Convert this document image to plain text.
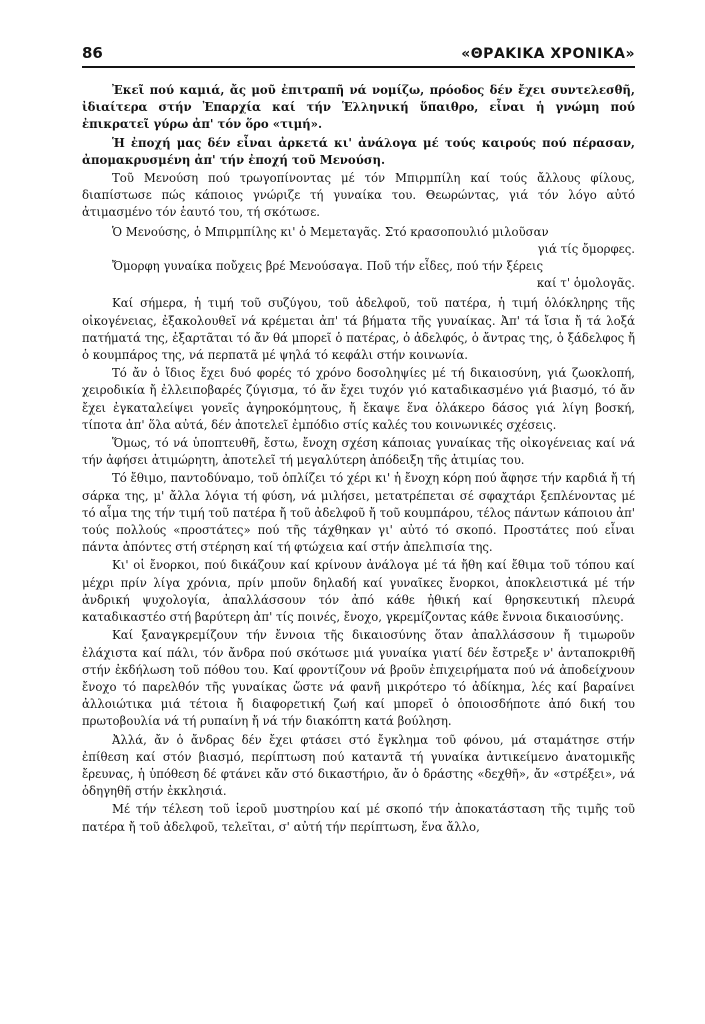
86	«ΘΡΑΚΙΚΑ ΧΡΟΝΙΚΑ»

Ἐκεῖ πού καμιά, ἄς μοῦ ἐπιτραπῆ νά νομίζω, πρόοδος δέν ἔχει συντελεσθῆ, ἰδιαίτερα στήν Ἐπαρχία καί τήν Ἑλληνική ὕπαιθρο, εἶναι ἡ γνώμη πού ἐπικρατεῖ γύρω ἀπ' τόν ὅρο «τιμή».

Ἡ ἐποχή μας δέν εἶναι ἀρκετά κι' ἀνάλογα μέ τούς καιρούς πού πέρασαν, ἀπομακρυσμένη ἀπ' τήν ἐποχή τοῦ Μενούση.

Τοῦ Μενούση πού τρωγοπίνοντας μέ τόν Μπιρμπίλη καί τούς ἄλλους φίλους, διαπίστωσε πώς κάποιος γνώριζε τή γυναίκα του. Θεωρώντας, γιά τόν λόγο αὐτό ἀτιμασμένο τόν ἑαυτό του, τή σκότωσε.

Ὁ Μενούσης, ὁ Μπιρμπίλης κι' ὁ Μεμεταγᾶς. Στό κρασοπουλιό μιλοῦσαν
γιά τίς ὄμορφες.
Ὄμορφη γυναίκα ποὔχεις βρέ Μενούσαγα. Ποῦ τήν εἶδες, πού τήν ξέρεις
καί τ' ὁμολογᾶς.

Καί σήμερα, ἡ τιμή τοῦ συζύγου, τοῦ ἀδελφοῦ, τοῦ πατέρα, ἡ τιμή ὁλόκληρης τῆς οἰκογένειας, ἐξακολουθεῖ νά κρέμεται ἀπ' τά βήματα τῆς γυναίκας. Ἀπ' τά ἴσια ἤ τά λοξά πατήματά της, ἐξαρτᾶται τό ἄν θά μπορεῖ ὁ πατέρας, ὁ ἀδελφός, ὁ ἄντρας της, ὁ ξάδελφος ἤ ὁ κουμπάρος της, νά περπατᾶ μέ ψηλά τό κεφάλι στήν κοινωνία.

Τό ἄν ὁ ἴδιος ἔχει δυό φορές τό χρόνο δοσοληψίες μέ τή δικαιοσύνη, γιά ζωοκλοπή, χειροδικία ἤ ἐλλειποβαρές ζύγισμα, τό ἄν ἔχει τυχόν γιό καταδικασμένο γιά βιασμό, τό ἄν ἔχει ἐγκαταλείψει γονεῖς ἀγηροκόμητους, ἤ ἔκαψε ἕνα ὁλάκερο δάσος γιά λίγη βοσκή, τίποτα ἀπ' ὅλα αὐτά, δέν ἀποτελεῖ ἐμπόδιο στίς καλές του κοινωνικές σχέσεις.

Ὅμως, τό νά ὑποπτευθῆ, ἔστω, ἔνοχη σχέση κάποιας γυναίκας τῆς οἰκογένειας καί νά τήν ἀφήσει ἀτιμώρητη, ἀποτελεῖ τή μεγαλύτερη ἀπόδειξη τῆς ἀτιμίας του.

Τό ἔθιμο, παντοδύναμο, τοῦ ὁπλίζει τό χέρι κι' ἡ ἔνοχη κόρη πού ἄφησε τήν καρδιά ἤ τή σάρκα της, μ' ἄλλα λόγια τή φύση, νά μιλήσει, μετατρέπεται σέ σφαχτάρι ξεπλένοντας μέ τό αἷμα της τήν τιμή τοῦ πατέρα ἤ τοῦ ἀδελφοῦ ἤ τοῦ κουμπάρου, τέλος πάντων κάποιου ἀπ' τούς πολλούς «προστάτες» πού τῆς τάχθηκαν γι' αὐτό τό σκοπό. Προστάτες πού εἶναι πάντα ἀπόντες στή στέρηση καί τή φτώχεια καί στήν ἀπελπισία της.

Κι' οἱ ἔνορκοι, πού δικάζουν καί κρίνουν ἀνάλογα μέ τά ἤθη καί ἔθιμα τοῦ τόπου καί μέχρι πρίν λίγα χρόνια, πρίν μποῦν δηλαδή καί γυναῖκες ἔνορκοι, ἀποκλειστικά μέ τήν ἀνδρική ψυχολογία, ἀπαλλάσσουν τόν ἀπό κάθε ἠθική καί θρησκευτική πλευρά καταδικαστέο στή βαρύτερη ἀπ' τίς ποινές, ἔνοχο, γκρεμίζοντας κάθε ἔννοια δικαιοσύνης.

Καί ξαναγκρεμίζουν τήν ἔννοια τῆς δικαιοσύνης ὅταν ἀπαλλάσσουν ἤ τιμωροῦν ἐλάχιστα καί πάλι, τόν ἄνδρα πού σκότωσε μιά γυναίκα γιατί δέν ἔστρεξε ν' ἀνταποκριθῆ στήν ἐκδήλωση τοῦ πόθου του. Καί φροντίζουν νά βροῦν ἐπιχειρήματα πού νά ἀποδείχνουν ἔνοχο τό παρελθόν τῆς γυναίκας ὥστε νά φανῆ μικρότερο τό ἀδίκημα, λές καί βαραίνει ἀλλοιώτικα μιά τέτοια ἤ διαφορετική ζωή καί μπορεῖ ὁ ὁποιοσδήποτε ἀπό δική του πρωτοβουλία νά τή ρυπαίνη ἤ νά τήν διακόπτη κατά βούληση.

Ἀλλά, ἄν ὁ ἄνδρας δέν ἔχει φτάσει στό ἔγκλημα τοῦ φόνου, μά σταμάτησε στήν ἐπίθεση καί στόν βιασμό, περίπτωση πού καταντᾶ τή γυναίκα ἀντικείμενο ἀνατομικῆς ἔρευνας, ἡ ὑπόθεση δέ φτάνει κἄν στό δικαστήριο, ἄν ὁ δράστης «δεχθῆ», ἄν «στρέξει», νά ὁδηγηθῆ στήν ἐκκλησιά.

Μέ τήν τέλεση τοῦ ἱεροῦ μυστηρίου καί μέ σκοπό τήν ἀποκατάσταση τῆς τιμῆς τοῦ πατέρα ἤ τοῦ ἀδελφοῦ, τελεῖται, σ' αὐτή τήν περίπτωση, ἕνα ἄλλο,
